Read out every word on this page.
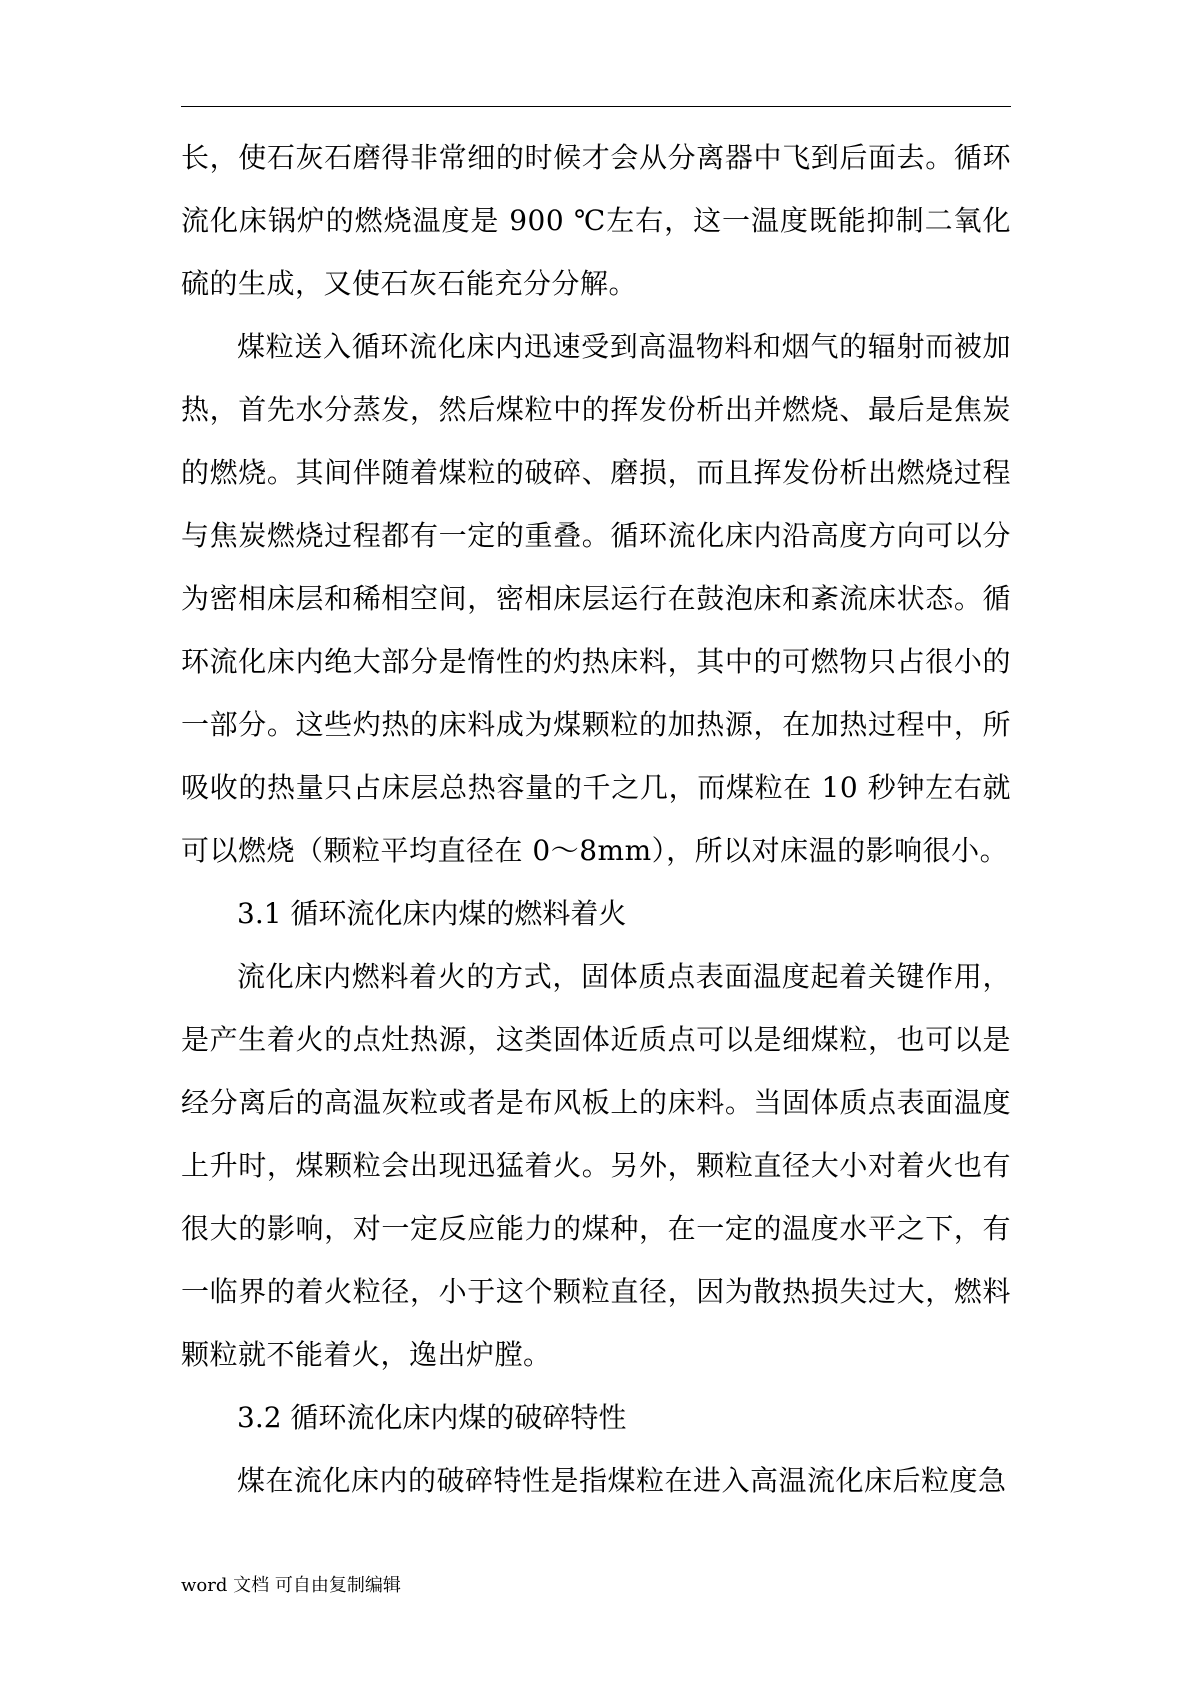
长，使石灰石磨得非常细的时候才会从分离器中飞到后面去。循环流化床锅炉的燃烧温度是 900 ℃左右，这一温度既能抑制二氧化硫的生成，又使石灰石能充分分解。

煤粒送入循环流化床内迅速受到高温物料和烟气的辐射而被加热，首先水分蒸发，然后煤粒中的挥发份析出并燃烧、最后是焦炭的燃烧。其间伴随着煤粒的破碎、磨损，而且挥发份析出燃烧过程与焦炭燃烧过程都有一定的重叠。循环流化床内沿高度方向可以分为密相床层和稀相空间，密相床层运行在鼓泡床和紊流床状态。循环流化床内绝大部分是惰性的灼热床料，其中的可燃物只占很小的一部分。这些灼热的床料成为煤颗粒的加热源，在加热过程中，所吸收的热量只占床层总热容量的千之几，而煤粒在 10 秒钟左右就可以燃烧（颗粒平均直径在 0～8mm），所以对床温的影响很小。

3.1 循环流化床内煤的燃料着火

流化床内燃料着火的方式，固体质点表面温度起着关键作用，是产生着火的点灶热源，这类固体近质点可以是细煤粒，也可以是经分离后的高温灰粒或者是布风板上的床料。当固体质点表面温度上升时，煤颗粒会出现迅猛着火。另外，颗粒直径大小对着火也有很大的影响，对一定反应能力的煤种，在一定的温度水平之下，有一临界的着火粒径，小于这个颗粒直径，因为散热损失过大，燃料颗粒就不能着火，逸出炉膛。

3.2 循环流化床内煤的破碎特性

煤在流化床内的破碎特性是指煤粒在进入高温流化床后粒度急

word 文档 可自由复制编辑
